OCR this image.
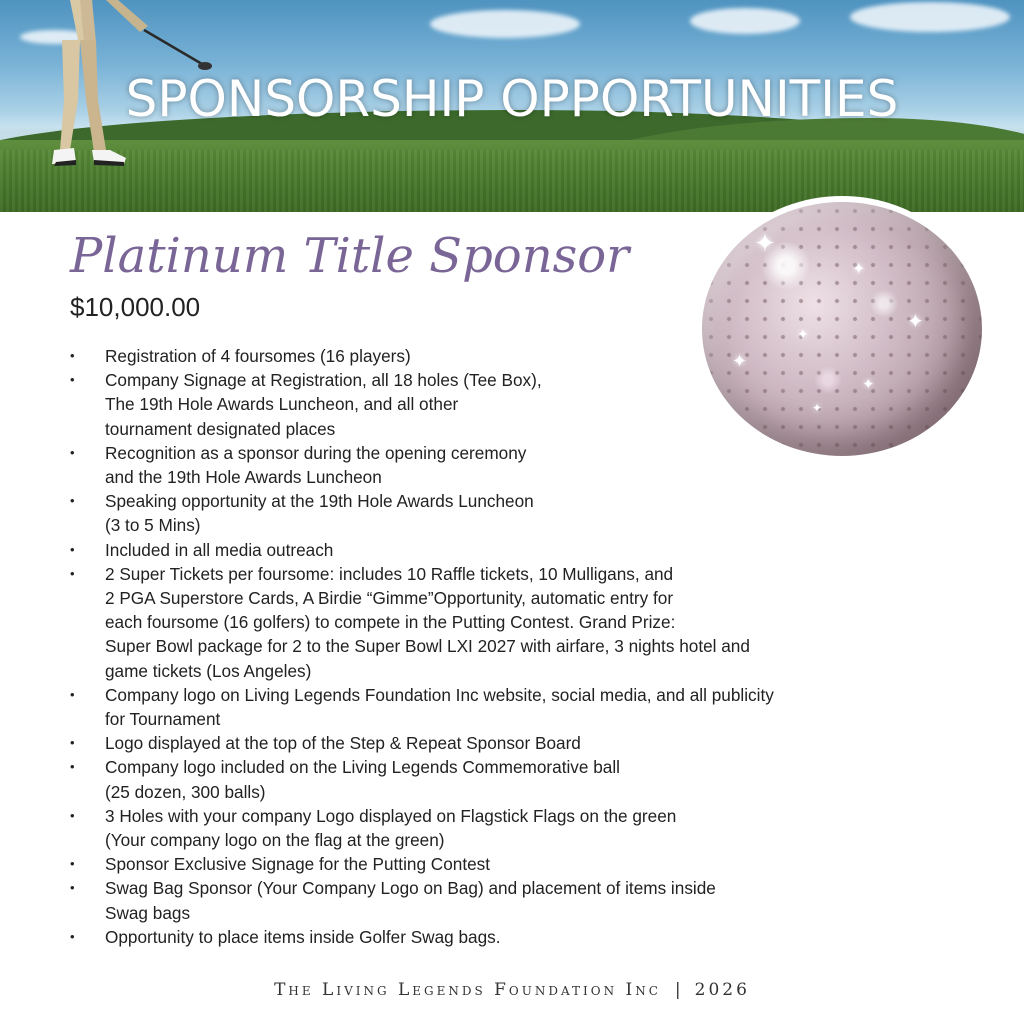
SPONSORSHIP OPPORTUNITIES
✦
✦
✦
✦
✦
✦
✦
Platinum Title Sponsor
$10,000.00
• Registration of 4 foursomes (16 players)
• Company Signage at Registration, all 18 holes (Tee Box),
The 19th Hole Awards Luncheon, and all other
tournament designated places
• Recognition as a sponsor during the opening ceremony
and the 19th Hole Awards Luncheon
• Speaking opportunity at the 19th Hole Awards Luncheon
(3 to 5 Mins)
• Included in all media outreach
• 2 Super Tickets per foursome: includes 10 Raffle tickets, 10 Mulligans, and
2 PGA Superstore Cards, A Birdie “Gimme”Opportunity, automatic entry for
each foursome (16 golfers) to compete in the Putting Contest. Grand Prize:
Super Bowl package for 2 to the Super Bowl LXI 2027 with airfare, 3 nights hotel and
game tickets (Los Angeles)
• Company logo on Living Legends Foundation Inc website, social media, and all publicity
for Tournament
• Logo displayed at the top of the Step & Repeat Sponsor Board
• Company logo included on the Living Legends Commemorative ball
(25 dozen, 300 balls)
• 3 Holes with your company Logo displayed on Flagstick Flags on the green
(Your company logo on the flag at the green)
• Sponsor Exclusive Signage for the Putting Contest
• Swag Bag Sponsor (Your Company Logo on Bag) and placement of items inside
Swag bags
• Opportunity to place items inside Golfer Swag bags.
The Living Legends Foundation Inc | 2026
